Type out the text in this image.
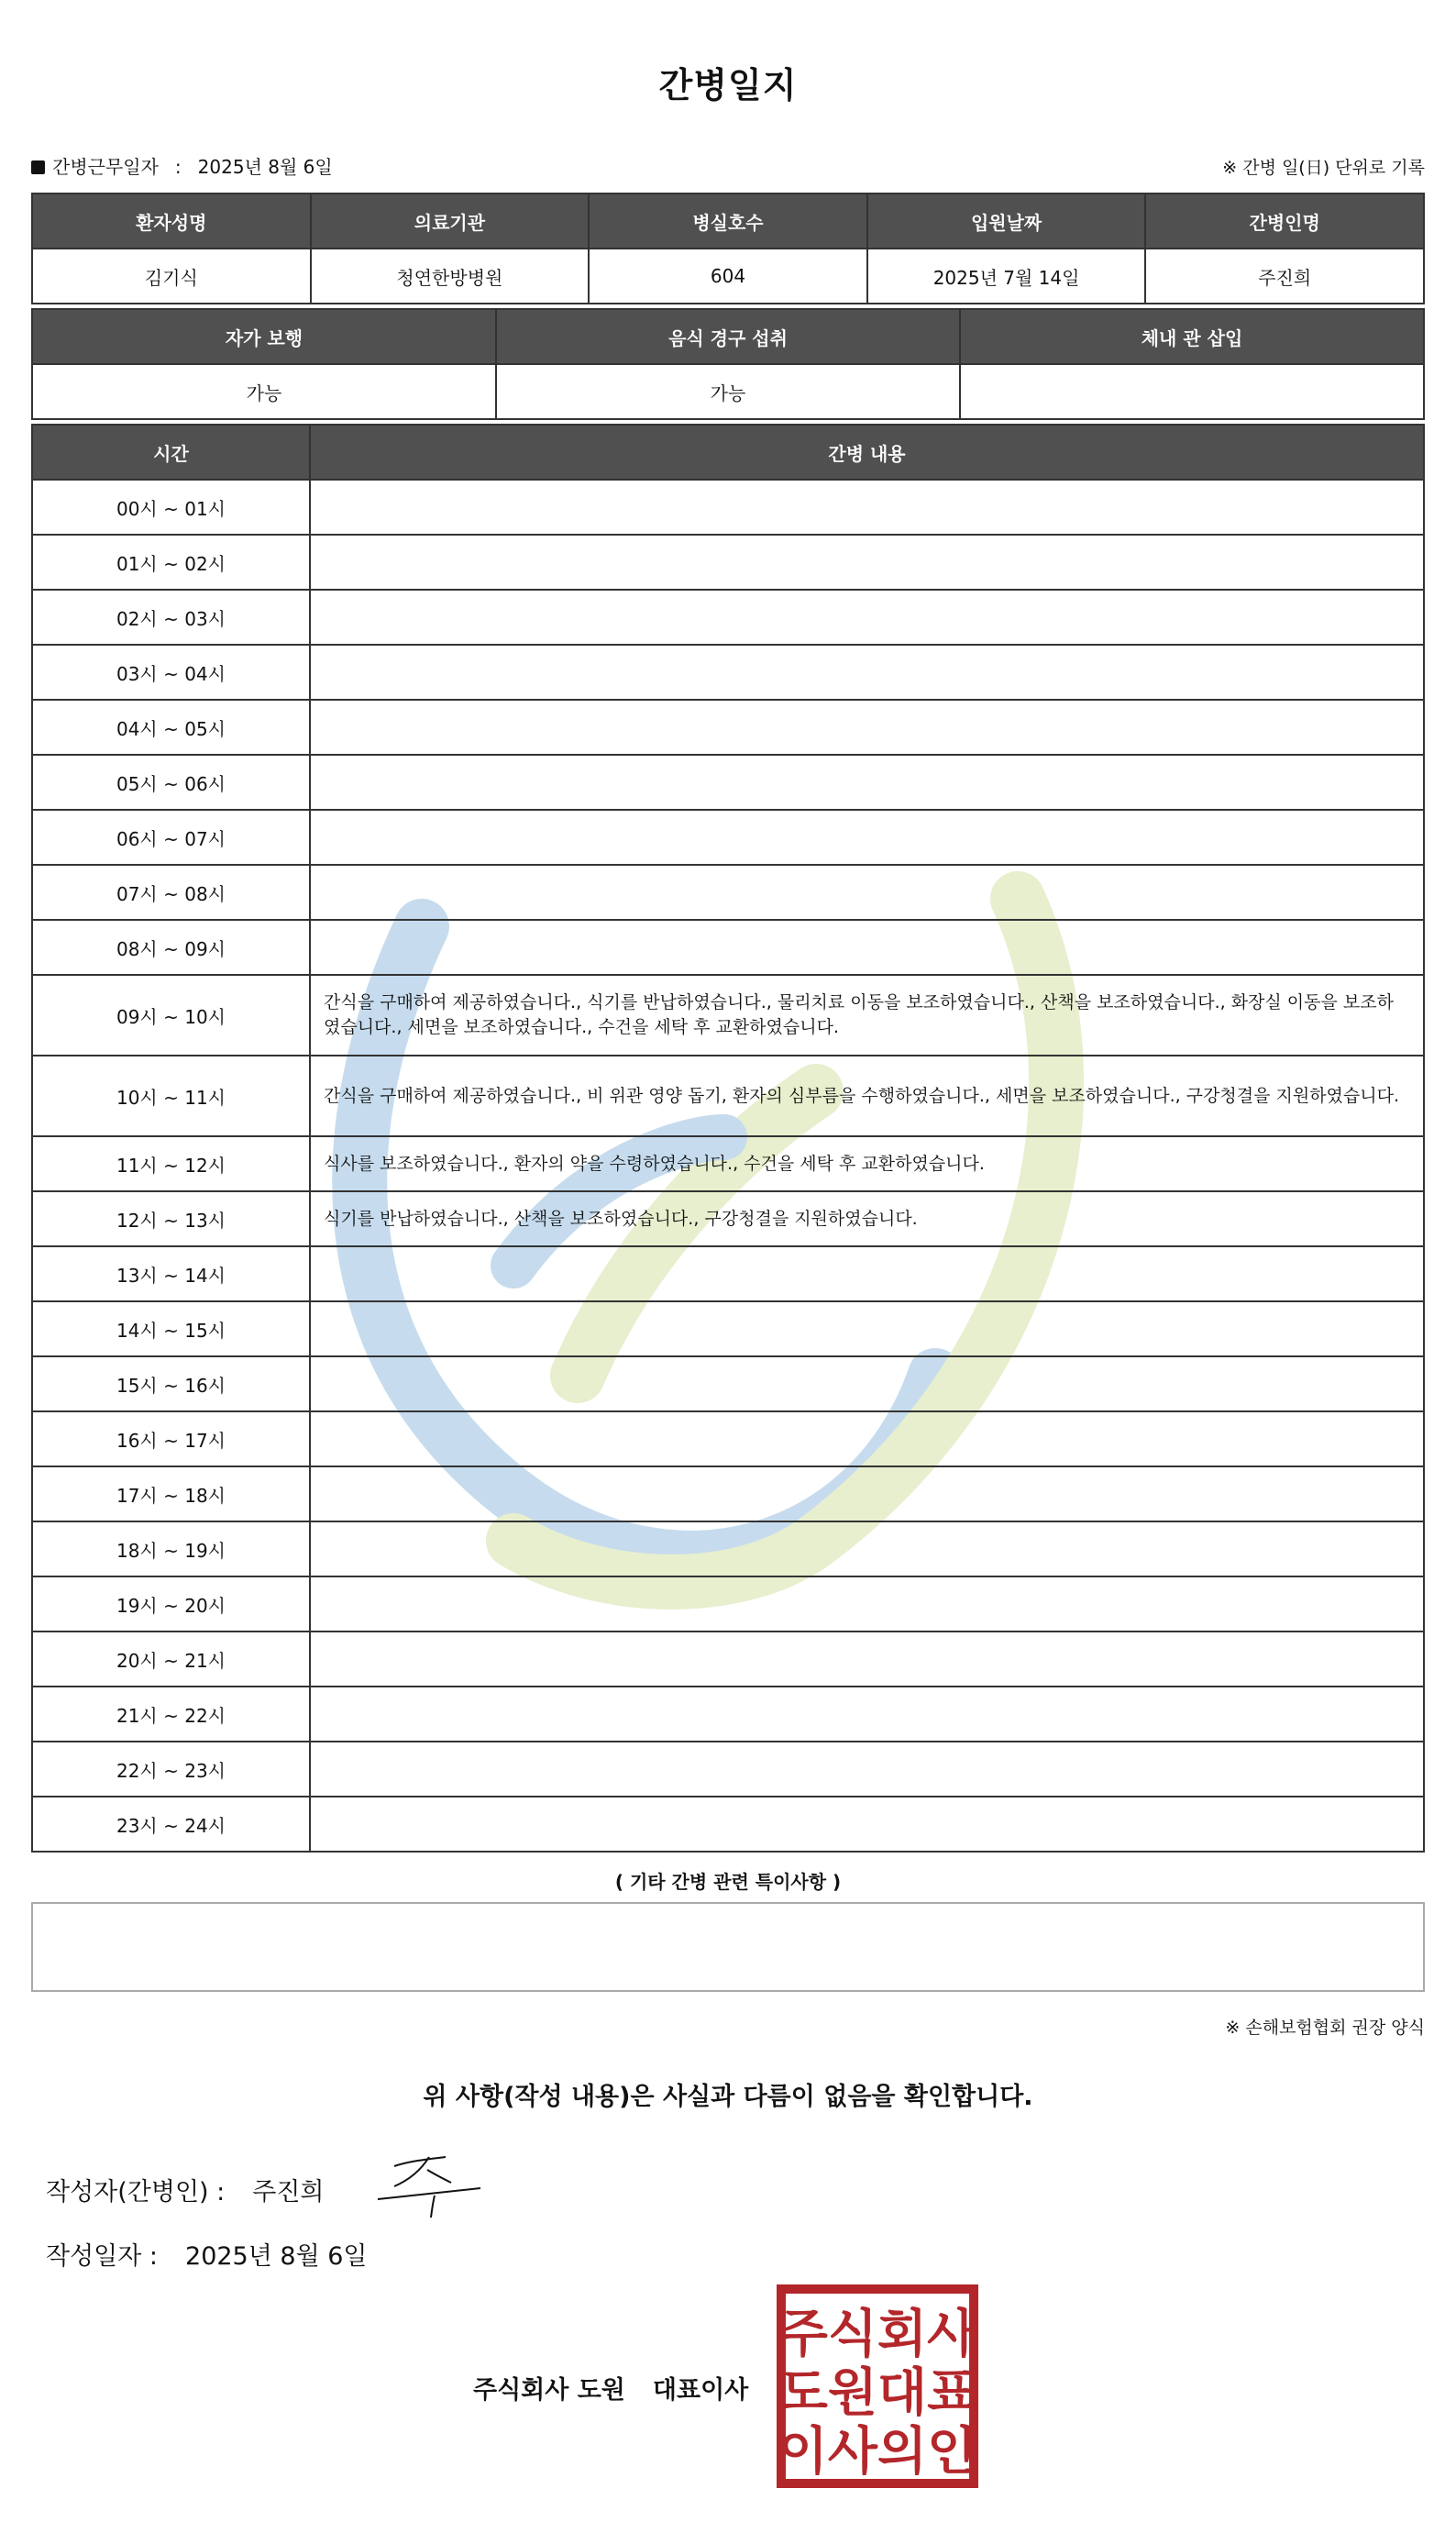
간병일지
간병근무일자 : 2025년 8월 6일	※ 간병 일(日) 단위로 기록
환자성명	의료기관	병실호수	입원날짜	간병인명
김기식	청연한방병원	604	2025년 7월 14일	주진희
자가 보행	음식 경구 섭취	체내 관 삽입
가능	가능	
시간	간병 내용
00시 ~ 01시	
01시 ~ 02시	
02시 ~ 03시	
03시 ~ 04시	
04시 ~ 05시	
05시 ~ 06시	
06시 ~ 07시	
07시 ~ 08시	
08시 ~ 09시	
09시 ~ 10시	간식을 구매하여 제공하였습니다., 식기를 반납하였습니다., 물리치료 이동을 보조하였습니다., 산책을 보조하였습니다., 화장실 이동을 보조하였습니다., 세면을 보조하였습니다., 수건을 세탁 후 교환하였습니다.
10시 ~ 11시	간식을 구매하여 제공하였습니다., 비 위관 영양 돕기, 환자의 심부름을 수행하였습니다., 세면을 보조하였습니다., 구강청결을 지원하였습니다.
11시 ~ 12시	식사를 보조하였습니다., 환자의 약을 수령하였습니다., 수건을 세탁 후 교환하였습니다.
12시 ~ 13시	식기를 반납하였습니다., 산책을 보조하였습니다., 구강청결을 지원하였습니다.
13시 ~ 14시	
14시 ~ 15시	
15시 ~ 16시	
16시 ~ 17시	
17시 ~ 18시	
18시 ~ 19시	
19시 ~ 20시	
20시 ~ 21시	
21시 ~ 22시	
22시 ~ 23시	
23시 ~ 24시	
( 기타 간병 관련 특이사항 )
※ 손해보험협회 권장 양식
위 사항(작성 내용)은 사실과 다름이 없음을 확인합니다.
작성자(간병인) : 주진희
작성일자 : 2025년 8월 6일
주식회사 도원 대표이사
주식회사
도원대표
이사의인
